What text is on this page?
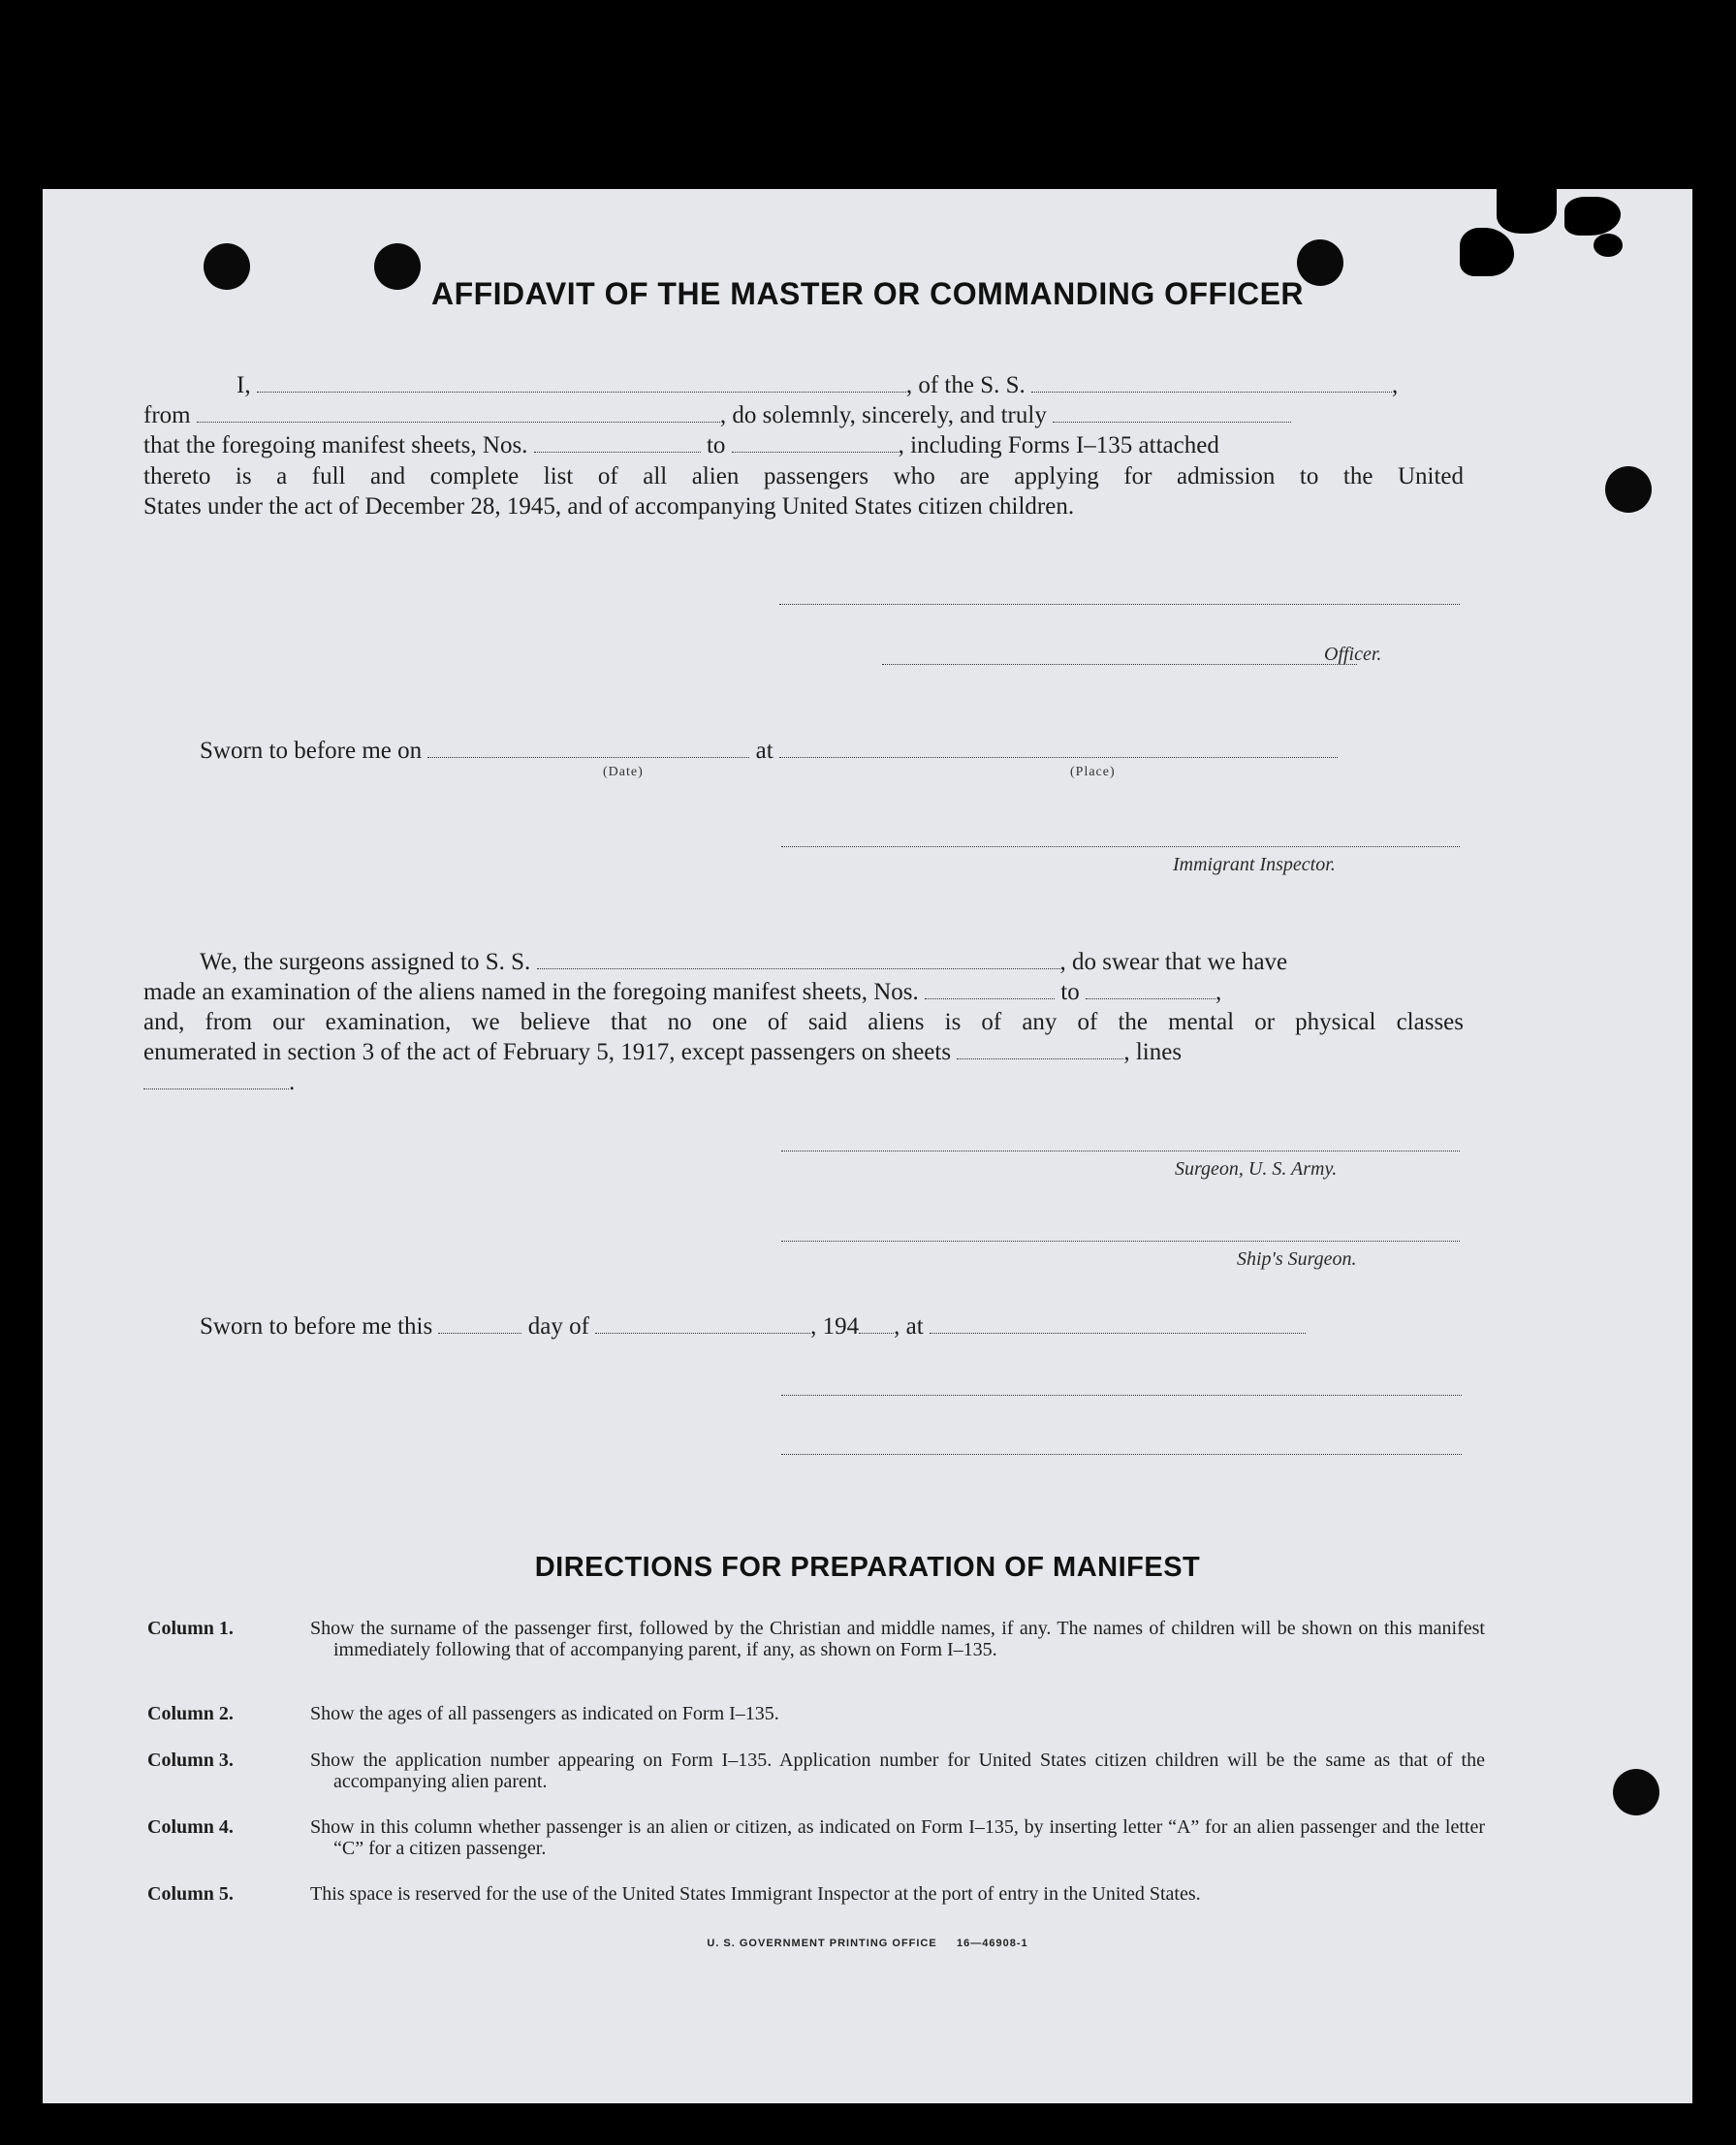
AFFIDAVIT OF THE MASTER OR COMMANDING OFFICER
I,	, of the S. S.	,
from	, do solemnly, sincerely, and truly
that the foregoing manifest sheets, Nos.	to	, including Forms I–135 attached
thereto is a full and complete list of all alien passengers who are applying for admission to the United
States under the act of December 28, 1945, and of accompanying United States citizen children.
Officer.
Sworn to before me on	at
(Date)	(Place)
Immigrant Inspector.
We, the surgeons assigned to S. S.	, do swear that we have
made an examination of the aliens named in the foregoing manifest sheets, Nos.	to	,
and, from our examination, we believe that no one of said aliens is of any of the mental or physical classes
enumerated in section 3 of the act of February 5, 1917, except passengers on sheets	, lines
.
Surgeon, U. S. Army.
Ship's Surgeon.
Sworn to before me this	day of	, 194 , at
DIRECTIONS FOR PREPARATION OF MANIFEST
Column 1.	Show the surname of the passenger first, followed by the Christian and middle names, if any. The names of children will be shown on this manifest immediately following that of accompanying parent, if any, as shown on Form I–135.
Column 2.	Show the ages of all passengers as indicated on Form I–135.
Column 3.	Show the application number appearing on Form I–135. Application number for United States citizen children will be the same as that of the accompanying alien parent.
Column 4.	Show in this column whether passenger is an alien or citizen, as indicated on Form I–135, by inserting letter “A” for an alien passenger and the letter “C” for a citizen passenger.
Column 5.	This space is reserved for the use of the United States Immigrant Inspector at the port of entry in the United States.
U. S. GOVERNMENT PRINTING OFFICE     16—46908-1
